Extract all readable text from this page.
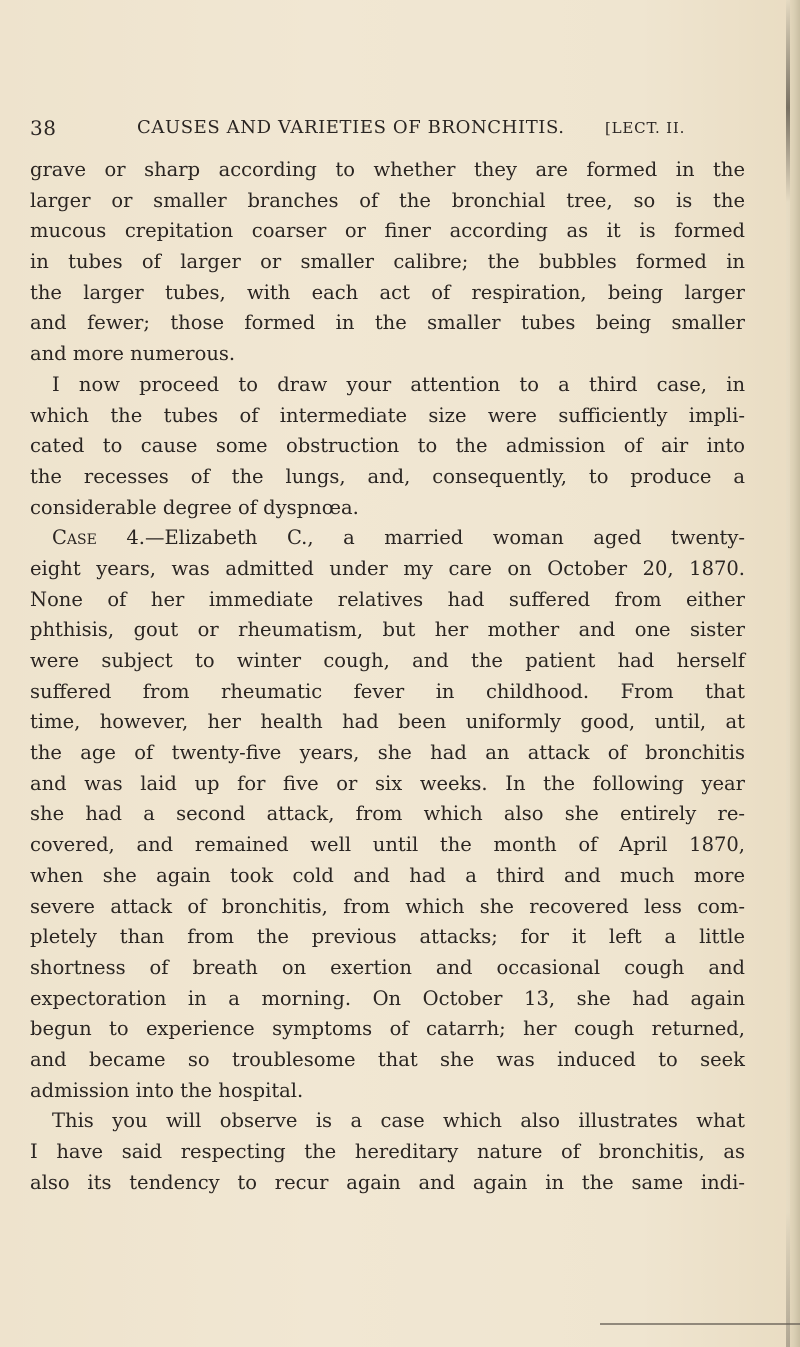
38	CAUSES AND VARIETIES OF BRONCHITIS.	[LECT. II.
grave or sharp according to whether they are formed in the
larger or smaller branches of the bronchial tree, so is the
mucous crepitation coarser or finer according as it is formed
in tubes of larger or smaller calibre; the bubbles formed in
the larger tubes, with each act of respiration, being larger
and fewer; those formed in the smaller tubes being smaller
and more numerous.
I now proceed to draw your attention to a third case, in
which the tubes of intermediate size were sufficiently impli-
cated to cause some obstruction to the admission of air into
the recesses of the lungs, and, consequently, to produce a
considerable degree of dyspnœa.
Case 4.—Elizabeth C., a married woman aged twenty-
eight years, was admitted under my care on October 20, 1870.
None of her immediate relatives had suffered from either
phthisis, gout or rheumatism, but her mother and one sister
were subject to winter cough, and the patient had herself
suffered from rheumatic fever in childhood. From that
time, however, her health had been uniformly good, until, at
the age of twenty-five years, she had an attack of bronchitis
and was laid up for five or six weeks. In the following year
she had a second attack, from which also she entirely re-
covered, and remained well until the month of April 1870,
when she again took cold and had a third and much more
severe attack of bronchitis, from which she recovered less com-
pletely than from the previous attacks; for it left a little
shortness of breath on exertion and occasional cough and
expectoration in a morning. On October 13, she had again
begun to experience symptoms of catarrh; her cough returned,
and became so troublesome that she was induced to seek
admission into the hospital.
This you will observe is a case which also illustrates what
I have said respecting the hereditary nature of bronchitis, as
also its tendency to recur again and again in the same indi-
